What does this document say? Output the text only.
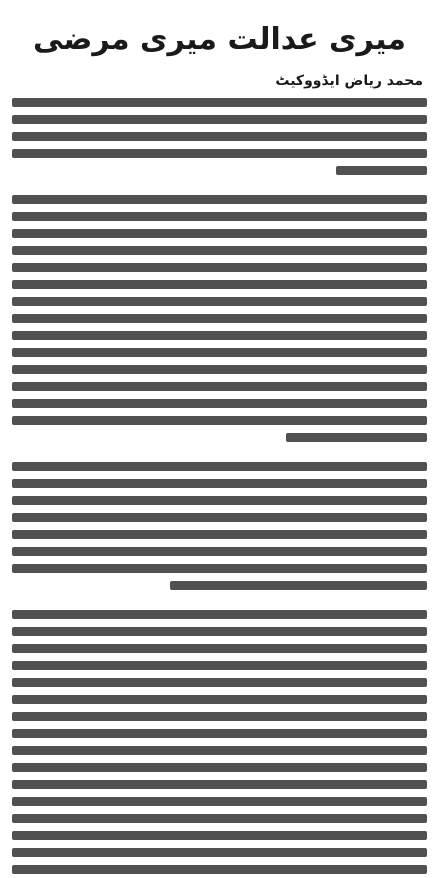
میری عدالت میری مرضی
محمد ریاض ایڈووکیٹ
